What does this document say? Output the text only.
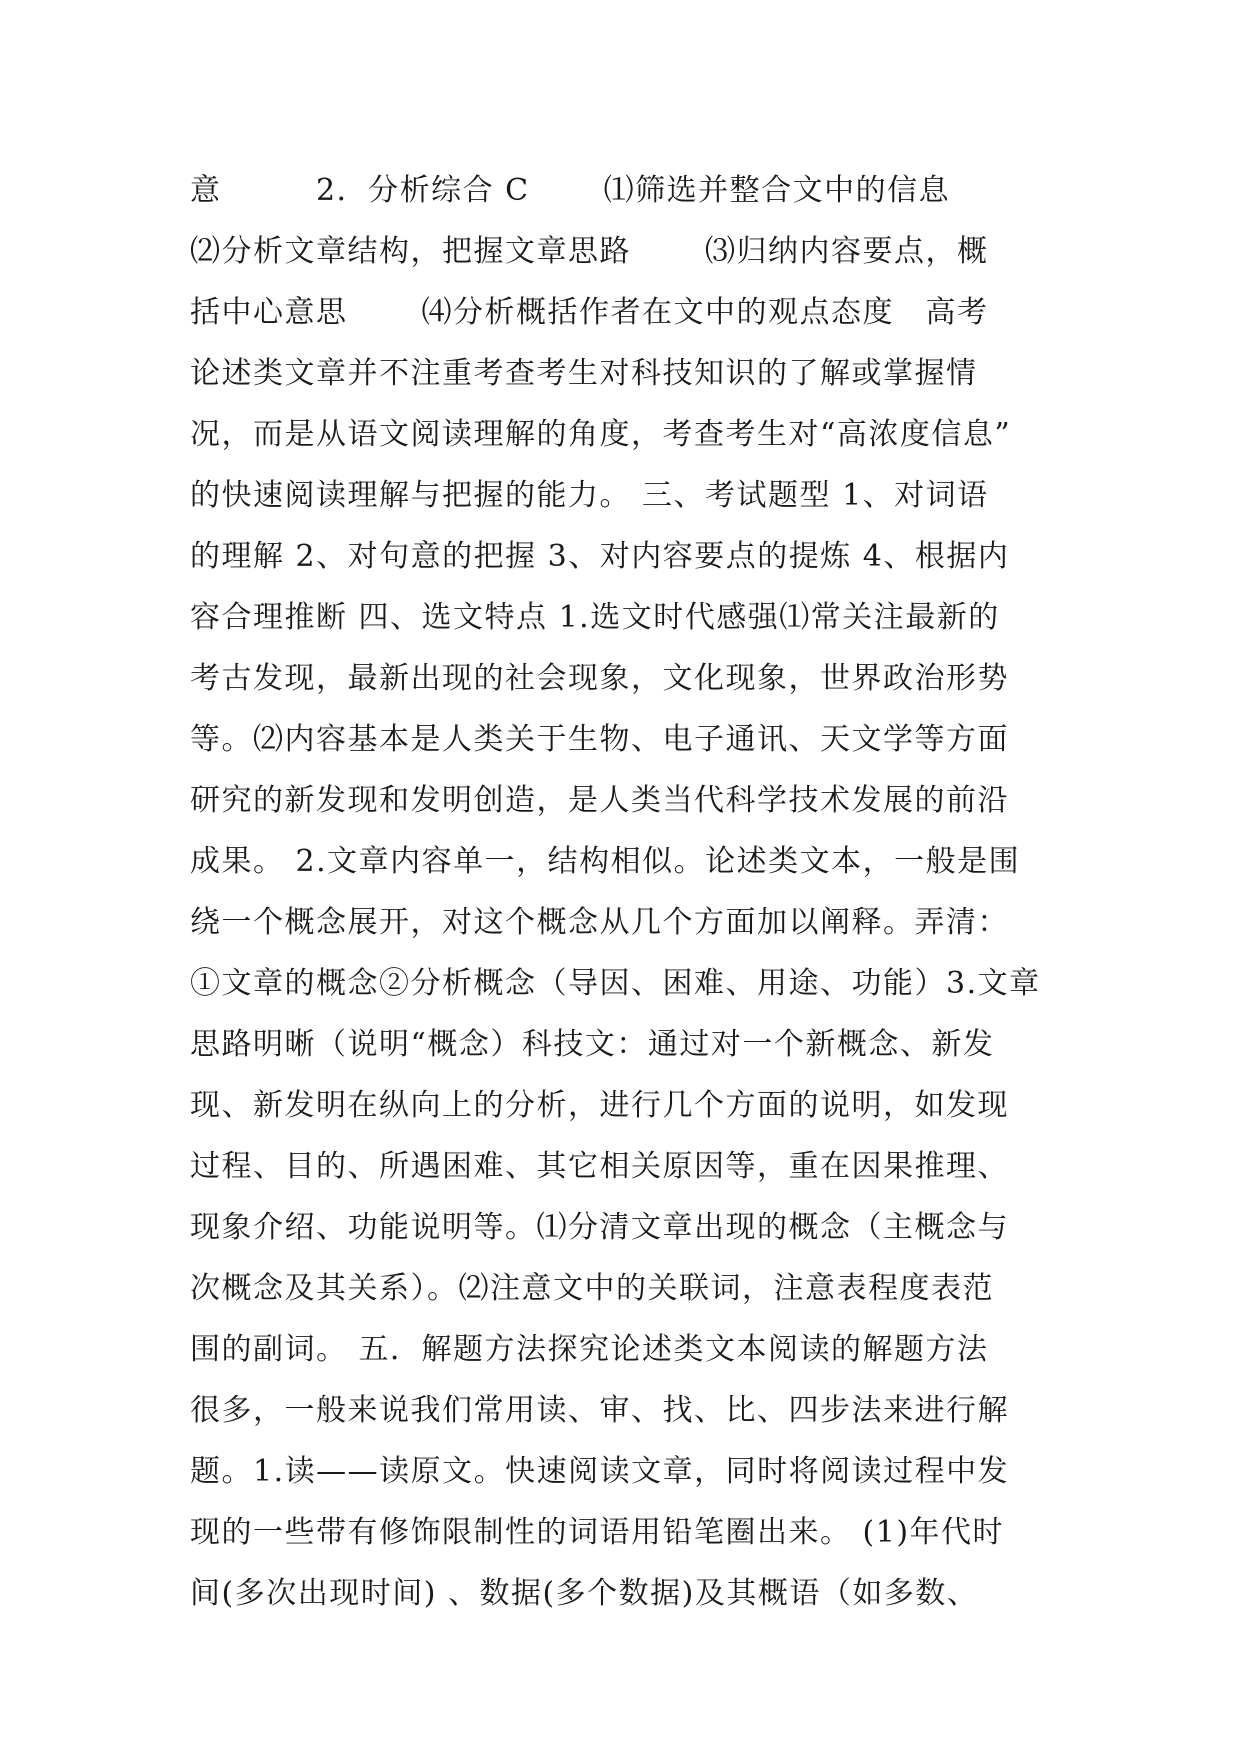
意　　　2．分析综合 C　　 ⑴筛选并整合文中的信息
⑵分析文章结构，把握文章思路　　 ⑶归纳内容要点，概
括中心意思　　 ⑷分析概括作者在文中的观点态度　高考
论述类文章并不注重考查考生对科技知识的了解或掌握情
况，而是从语文阅读理解的角度，考查考生对“高浓度信息”
的快速阅读理解与把握的能力。 三、考试题型 1、对词语
的理解 2、对句意的把握 3、对内容要点的提炼 4、根据内
容合理推断 四、选文特点 1.选文时代感强⑴常关注最新的
考古发现，最新出现的社会现象，文化现象，世界政治形势
等。⑵内容基本是人类关于生物、电子通讯、天文学等方面
研究的新发现和发明创造，是人类当代科学技术发展的前沿
成果。 2.文章内容单一，结构相似。论述类文本，一般是围
绕一个概念展开，对这个概念从几个方面加以阐释。弄清：
①文章的概念②分析概念（导因、困难、用途、功能）3.文章
思路明晰（说明“概念）科技文：通过对一个新概念、新发
现、新发明在纵向上的分析，进行几个方面的说明，如发现
过程、目的、所遇困难、其它相关原因等，重在因果推理、
现象介绍、功能说明等。⑴分清文章出现的概念（主概念与
次概念及其关系）。⑵注意文中的关联词，注意表程度表范
围的副词。 五．解题方法探究论述类文本阅读的解题方法
很多，一般来说我们常用读、审、找、比、四步法来进行解
题。1.读——读原文。快速阅读文章，同时将阅读过程中发
现的一些带有修饰限制性的词语用铅笔圈出来。 (1)年代时
间(多次出现时间) 、数据(多个数据)及其概语（如多数、
